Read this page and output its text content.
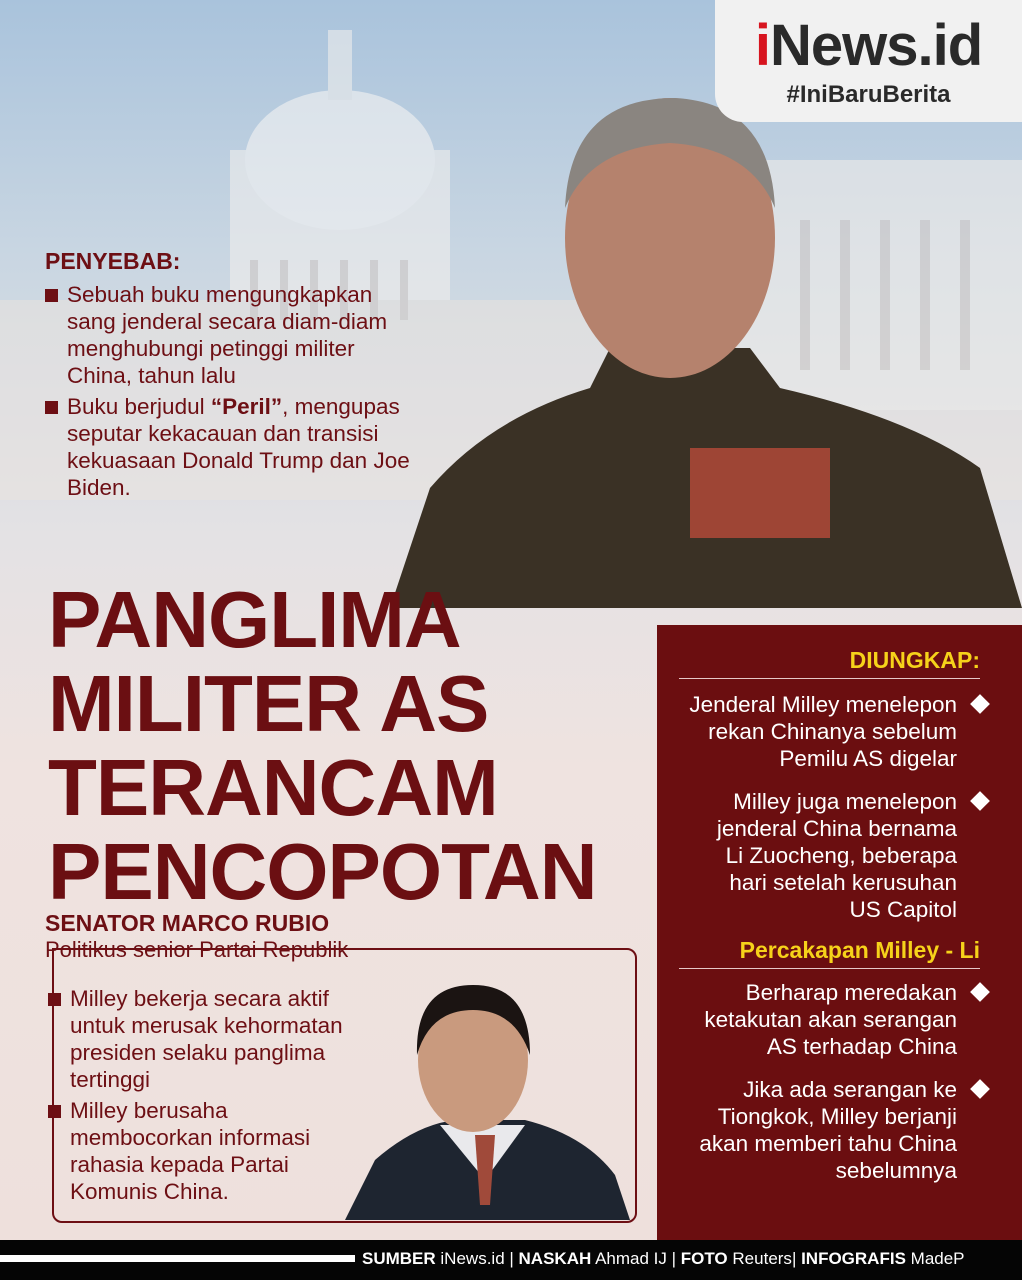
iNews.id
#IniBaruBerita
PENYEBAB:
Sebuah buku mengungkapkan sang jenderal secara diam-diam menghubungi petinggi militer China, tahun lalu
Buku berjudul “Peril”, mengupas seputar kekacauan dan transisi kekuasaan Donald Trump dan Joe Biden.
PANGLIMA
MILITER AS
TERANCAM
PENCOPOTAN
SENATOR MARCO RUBIO
Politikus senior Partai Republik
Milley bekerja secara aktif untuk merusak kehormatan presiden selaku panglima tertinggi
Milley berusaha membocorkan informasi rahasia kepada Partai Komunis China.
DIUNGKAP:
Jenderal Milley menelepon rekan Chinanya sebelum Pemilu AS digelar
Milley juga menelepon jenderal China bernama Li Zuocheng, beberapa hari setelah kerusuhan US Capitol
Percakapan Milley - Li
Berharap meredakan ketakutan akan serangan AS terhadap China
Jika ada serangan ke Tiongkok, Milley berjanji akan memberi tahu China sebelumnya
SUMBER iNews.id | NASKAH Ahmad IJ | FOTO Reuters| INFOGRAFIS MadeP
